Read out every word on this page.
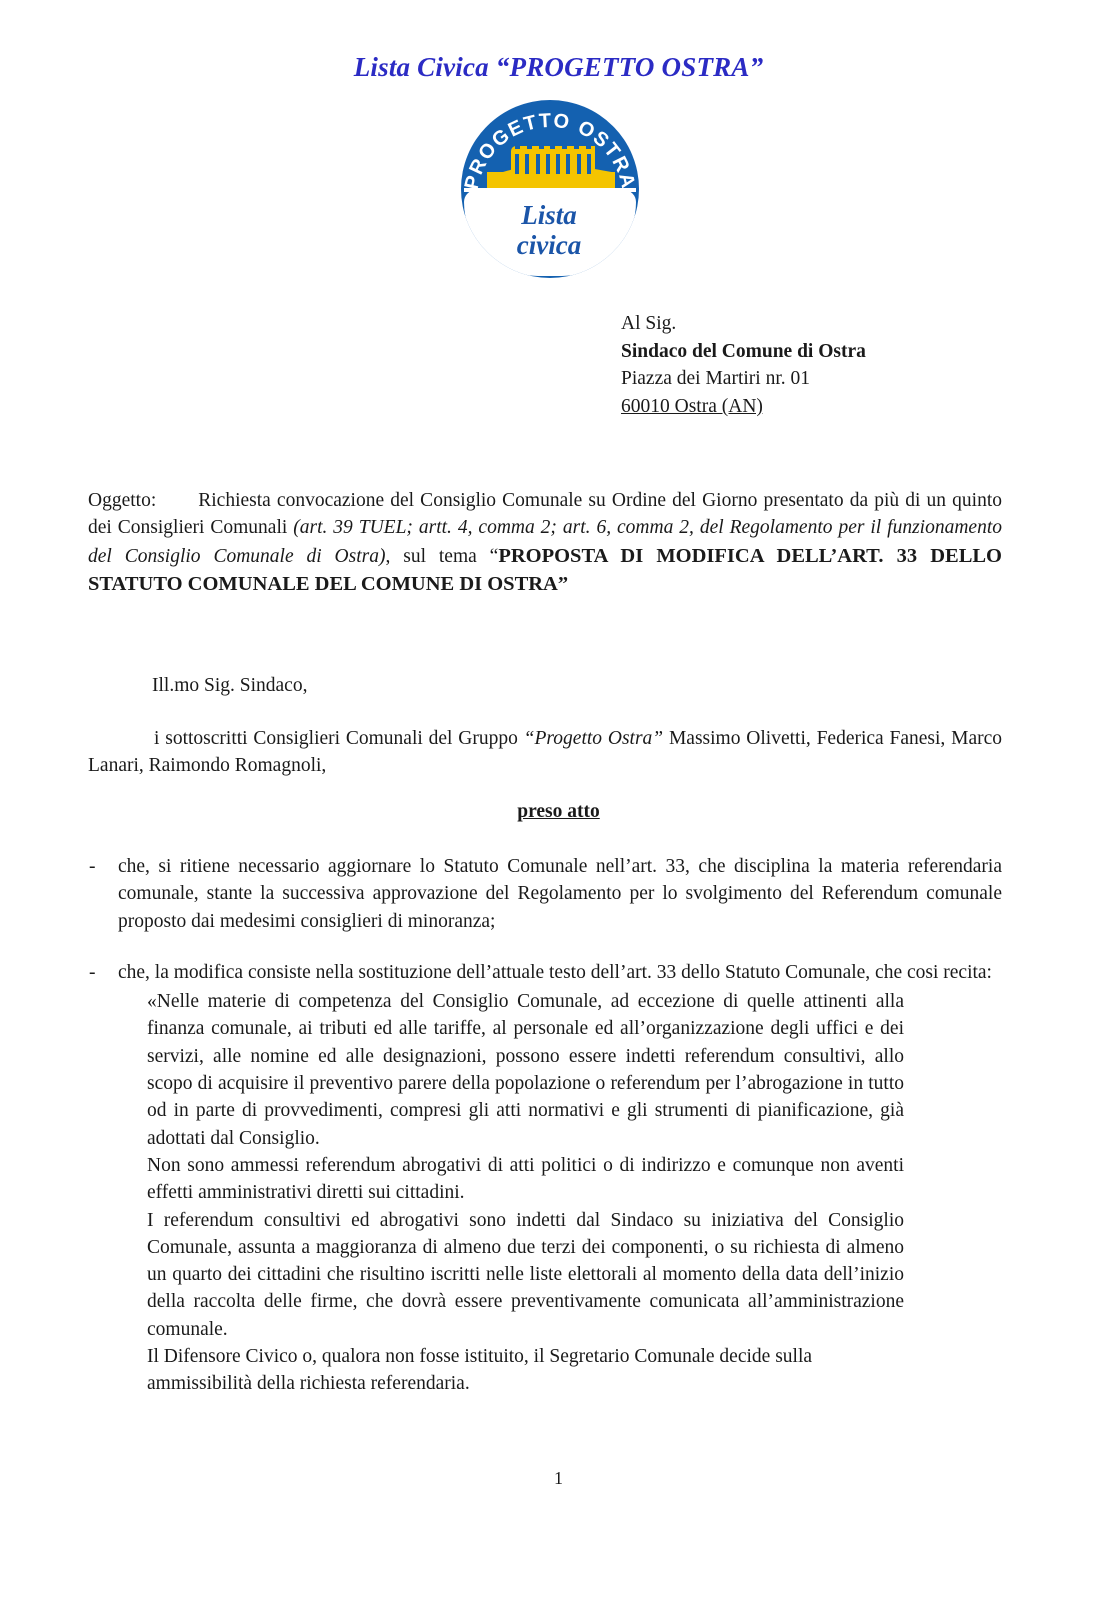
Lista Civica “PROGETTO OSTRA”
PROGETTO OSTRA
Lista
civica
Al Sig.
Sindaco del Comune di Ostra
Piazza dei Martiri nr. 01
60010 Ostra (AN)
Oggetto: Richiesta convocazione del Consiglio Comunale su Ordine del Giorno presentato da più di un quinto dei Consiglieri Comunali (art. 39 TUEL; artt. 4, comma 2; art. 6, comma 2, del Regolamento per il funzionamento del Consiglio Comunale di Ostra), sul tema “PROPOSTA DI MODIFICA DELL’ART. 33 DELLO STATUTO COMUNALE DEL COMUNE DI OSTRA”
Ill.mo Sig. Sindaco,
i sottoscritti Consiglieri Comunali del Gruppo “Progetto Ostra” Massimo Olivetti, Federica Fanesi, Marco Lanari, Raimondo Romagnoli,
preso atto
-	che, si ritiene necessario aggiornare lo Statuto Comunale nell’art. 33, che disciplina la materia referendaria comunale, stante la successiva approvazione del Regolamento per lo svolgimento del Referendum comunale proposto dai medesimi consiglieri di minoranza;
-	che, la modifica consiste nella sostituzione dell’attuale testo dell’art. 33 dello Statuto Comunale, che cosi recita:

«Nelle materie di competenza del Consiglio Comunale, ad eccezione di quelle attinenti alla finanza comunale, ai tributi ed alle tariffe, al personale ed all’organizzazione degli uffici e dei servizi, alle nomine ed alle designazioni, possono essere indetti referendum consultivi, allo scopo di acquisire il preventivo parere della popolazione o referendum per l’abrogazione in tutto od in parte di provvedimenti, compresi gli atti normativi e gli strumenti di pianificazione, già adottati dal Consiglio.

Non sono ammessi referendum abrogativi di atti politici o di indirizzo e comunque non aventi effetti amministrativi diretti sui cittadini.

I referendum consultivi ed abrogativi sono indetti dal Sindaco su iniziativa del Consiglio Comunale, assunta a maggioranza di almeno due terzi dei componenti, o su richiesta di almeno un quarto dei cittadini che risultino iscritti nelle liste elettorali al momento della data dell’inizio della raccolta delle firme, che dovrà essere preventivamente comunicata all’amministrazione comunale.

Il Difensore Civico o, qualora non fosse istituito, il Segretario Comunale decide sulla ammissibilità della richiesta referendaria.

1
